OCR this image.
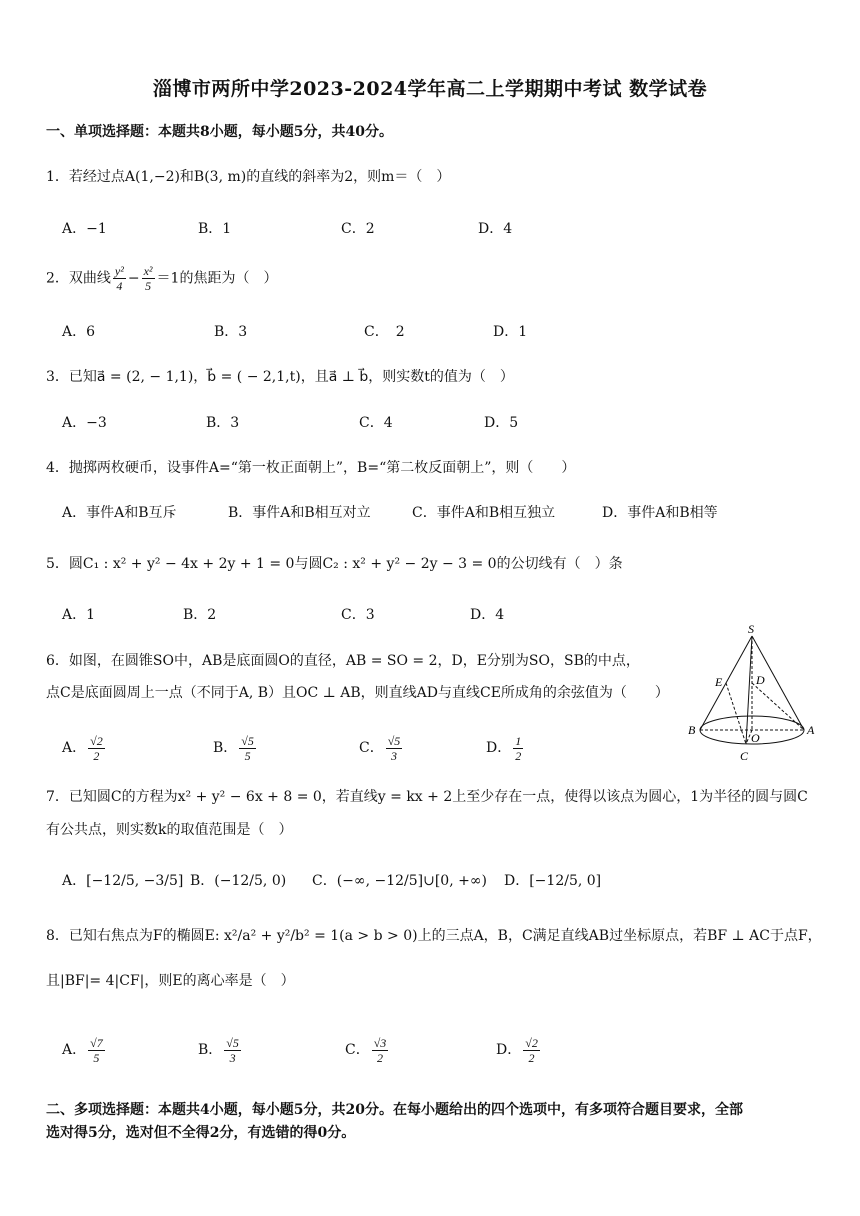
淄博市两所中学2023-2024学年高二上学期期中考试 数学试卷
一、单项选择题：本题共8小题，每小题5分，共40分。
1．若经过点A(1,−2)和B(3, m)的直线的斜率为2，则m＝（　）
A．−1	B．1	C．2	D．4
2．双曲线 $\frac{\text{y²}}{4} - \frac{\text{x²}}{5} =1$的焦距为（　）
A．6	B．3	C．　2	D．1
3．已知a⃗ = (2, − 1,1)，b⃗ = ( − 2,1,t)，且a⃗ ⊥ b⃗，则实数t的值为（　）
A．−3	B．3	C．4	D．5
4．抛掷两枚硬币，设事件A=“第一枚正面朝上”，B=“第二枚反面朝上”，则（　　）
A．事件A和B互斥	B．事件A和B相互对立	C．事件A和B相互独立	D．事件A和B相等
5．圆C₁ : x² + y² − 4x + 2y + 1 = 0与圆C₂ : x² + y² − 2y − 3 = 0的公切线有（　）条
A．1	B．2	C．3	D．4
6．如图，在圆锥SO中，AB是底面圆O的直径，AB = SO = 2，D，E分别为SO，SB的中点，
点C是底面圆周上一点（不同于A, B）且OC ⊥ AB，则直线AD与直线CE所成角的余弦值为（　　）
A． $\frac{√2}{2}$	B． $\frac{√5}{5}$	C． $\frac{√5}{3}$	D． $\frac{1}{2}$
S
E	D
B
O
A
C
7．已知圆C的方程为x² + y² − 6x + 8 = 0，若直线y = kx + 2上至少存在一点，使得以该点为圆心，1为半径的圆与圆C
有公共点，则实数k的取值范围是（　）
A．[−12/5, −3/5] B．(−12/5, 0) C．(−∞, −12/5]∪[0, +∞) D．[−12/5, 0]
8．已知右焦点为F的椭圆E: x²/a² + y²/b² = 1(a > b > 0)上的三点A，B，C满足直线AB过坐标原点，若BF ⊥ AC于点F，
且|BF|= 4|CF|，则E的离心率是（　）
A． $\frac{√7}{5}$	B． $\frac{√5}{3}$	C． $\frac{√3}{2}$	D． $\frac{√2}{2}$
二、多项选择题：本题共4小题，每小题5分，共20分。在每小题给出的四个选项中，有多项符合题目要求，全部
选对得5分，选对但不全得2分，有选错的得0分。
